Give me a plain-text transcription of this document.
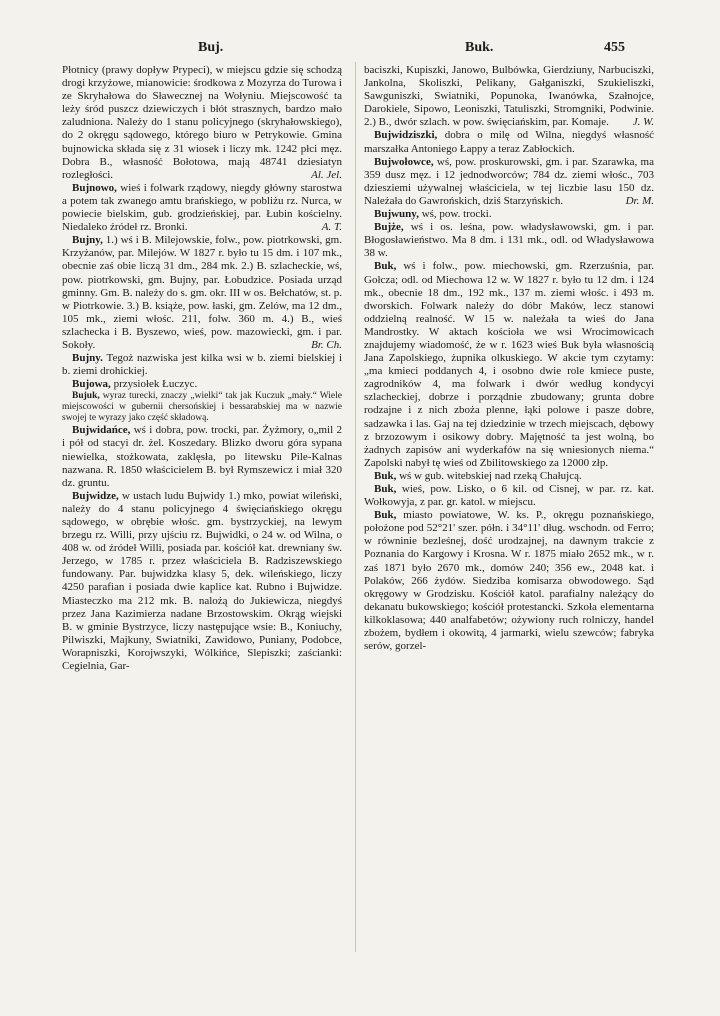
Buj.	Buk.	455

Płotnicy (prawy dopływ Prypeci), w miejscu gdzie się schodzą drogi krzyżowe, mianowicie: środkowa z Mozyrza do Turowa i ze Skryhałowa do Sławecznej na Wołyniu. Miejscowość ta leży śród puszcz dziewiczych i błót strasznych, bardzo mało zaludniona. Należy do 1 stanu policyjnego (skryhałowskiego), do 2 okręgu sądowego, którego biuro w Petrykowie. Gmina bujnowicka składa się z 31 wiosek i liczy mk. 1242 płci męz. Dobra B., własność Bołotowa, mają 48741 dziesiatyn rozległości.	Al. Jel.

Bujnowo, wieś i folwark rządowy, niegdy główny starostwa a potem tak zwanego amtu brańskiego, w pobliżu rz. Nurca, w powiecie bielskim, gub. grodzieńskiej, par. Łubin kościelny. Niedaleko źródeł rz. Bronki.	A. T.

Bujny, 1.) wś i B. Milejowskie, folw., pow. piotrkowski, gm. Krzyżanów, par. Milejów. W 1827 r. było tu 15 dm. i 107 mk., obecnie zaś obie liczą 31 dm., 284 mk. 2.) B. szlacheckie, wś, pow. piotrkowski, gm. Bujny, par. Łobudzice. Posiada urząd gminny. Gm. B. należy do s. gm. okr. III w os. Bełchatów, st. p. w Piotrkowie. 3.) B. książe, pow. łaski, gm. Zelów, ma 12 dm., 105 mk., ziemi włośc. 211, folw. 360 m. 4.) B., wieś szlachecka i B. Byszewo, wieś, pow. mazowiecki, gm. i par. Sokoły.	Br. Ch.

Bujny. Tegoż nazwiska jest kilka wsi w b. ziemi bielskiej i b. ziemi drohickiej.

Bujowa, przysiołek Łuczyc.

Bujuk, wyraz turecki, znaczy „wielki“ tak jak Kuczuk „mały.“ Wiele miejscowości w gubernii chersońskiej i bessarabskiej ma w nazwie swojej te wyrazy jako część składową.

Bujwidańce, wś i dobra, pow. trocki, par. Żyżmory, o„mil 2 i pół od stacyi dr. żel. Koszedary. Blizko dworu góra sypana niewielka, stożkowata, zaklęsła, po litewsku Pile-Kalnas nazwana. R. 1850 właścicielem B. był Rymszewicz i miał 320 dz. gruntu.

Bujwidze, w ustach ludu Bujwidy 1.) mko, powiat wileński, należy do 4 stanu policyjnego 4 święciańskiego okręgu sądowego, w obrębie włośc. gm. bystrzyckiej, na lewym brzegu rz. Willi, przy ujściu rz. Bujwidki, o 24 w. od Wilna, o 408 w. od źródeł Willi, posiada par. kościół kat. drewniany św. Jerzego, w 1785 r. przez właściciela B. Radziszewskiego fundowany. Par. bujwidzka klasy 5, dek. wileńskiego, liczy 4250 parafian i posiada dwie kaplice kat. Rubno i Bujwidze. Miasteczko ma 212 mk. B. nalożą do Jukiewicza, niegdyś przez Jana Kazimierza nadane Brzostowskim. Okrąg wiejski B. w gminie Bystrzyce, liczy następujące wsie: B., Koniuchy, Pilwiszki, Majkuny, Swiatniki, Zawidowo, Puniany, Podobce, Worapniszki, Korojwszyki, Wólkińce, Slepiszki; zaścianki: Cegielnia, Gar-

baciszki, Kupiszki, Janowo, Bulbówka, Gierdziuny, Narbuciszki, Jankolna, Skoliszki, Pelikany, Gałganiszki, Szukieliszki, Sawguniszki, Swiatniki, Popunoka, Iwanówka, Szałnojce, Darokiele, Sipowo, Leoniszki, Tatuliszki, Stromgniki, Podwinie. 2.) B., dwór szlach. w pow. święciańskim, par. Komaje. J. W.

Bujwidziszki, dobra o milę od Wilna, niegdyś własność marszałka Antoniego Łappy a teraz Zabłockich.

Bujwołowce, wś, pow. proskurowski, gm. i par. Szarawka, ma 359 dusz męz. i 12 jednodworców; 784 dz. ziemi włośc., 703 dziesziemi używalnej właściciela, w tej liczbie lasu 150 dz. Należała do Gawrońskich, dziś Starzyńskich.	Dr. M.

Bujwuny, wś, pow. trocki.

Bujże, wś i os. leśna, pow. władysławowski, gm. i par. Błogosławieństwo. Ma 8 dm. i 131 mk., odl. od Władysławowa 38 w.

Buk, wś i folw., pow. miechowski, gm. Rzerzuśnia, par. Gołcza; odl. od Miechowa 12 w. W 1827 r. było tu 12 dm. i 124 mk., obecnie 18 dm., 192 mk., 137 m. ziemi włośc. i 493 m. dworskich. Folwark należy do dóbr Maków, lecz stanowi oddzielną realność. W 15 w. należała ta wieś do Jana Mandrostky. W aktach kościoła we wsi Wrocimowicach znajdujemy wiadomość, że w r. 1623 wieś Buk była własnością Jana Zapolskiego, żupnika olkuskiego. W akcie tym czytamy: „ma kmieci poddanych 4, i osobno dwie role kmiece puste, zagrodników 4, ma folwark i dwór według kondycyi szlacheckiej, dobrze i porządnie zbudowany; grunta dobre rodzajne i z nich zboża plenne, łąki polowe i pasze dobre, sadzawka i las. Gaj na tej dziedzinie w trzech miejscach, dębowy z brzozowym i osikowy dobry. Majętność ta jest wolną, bo żadnych zapisów ani wyderkafów na się wniesionych niema.“ Zapolski nabył tę wieś od Zbilitowskiego za 12000 złp.

Buk, wś w gub. witebskiej nad rzeką Chałujcą.

Buk, wieś, pow. Lisko, o 6 kil. od Cisnej, w par. rz. kat. Wołkowyja, z par. gr. katol. w miejscu.

Buk, miasto powiatowe, W. ks. P., okręgu poznańskiego, położone pod 52°21' szer. półn. i 34°11' dług. wschodn. od Ferro; w równinie bezleśnej, dość urodzajnej, na dawnym trakcie z Poznania do Kargowy i Krosna. W r. 1875 miało 2652 mk., w r. zaś 1871 było 2670 mk., domów 240; 356 ew., 2048 kat. i Polaków, 266 żydów. Siedziba komisarza obwodowego. Sąd okręgowy w Grodzisku. Kościół katol. parafialny należący do dekanatu bukowskiego; kościół protestancki. Szkoła elementarna kilkoklasowa; 440 analfabetów; ożywiony ruch rolniczy, handel zbożem, bydłem i okowitą, 4 jarmarki, wielu szewców; fabryka serów, gorzel-
